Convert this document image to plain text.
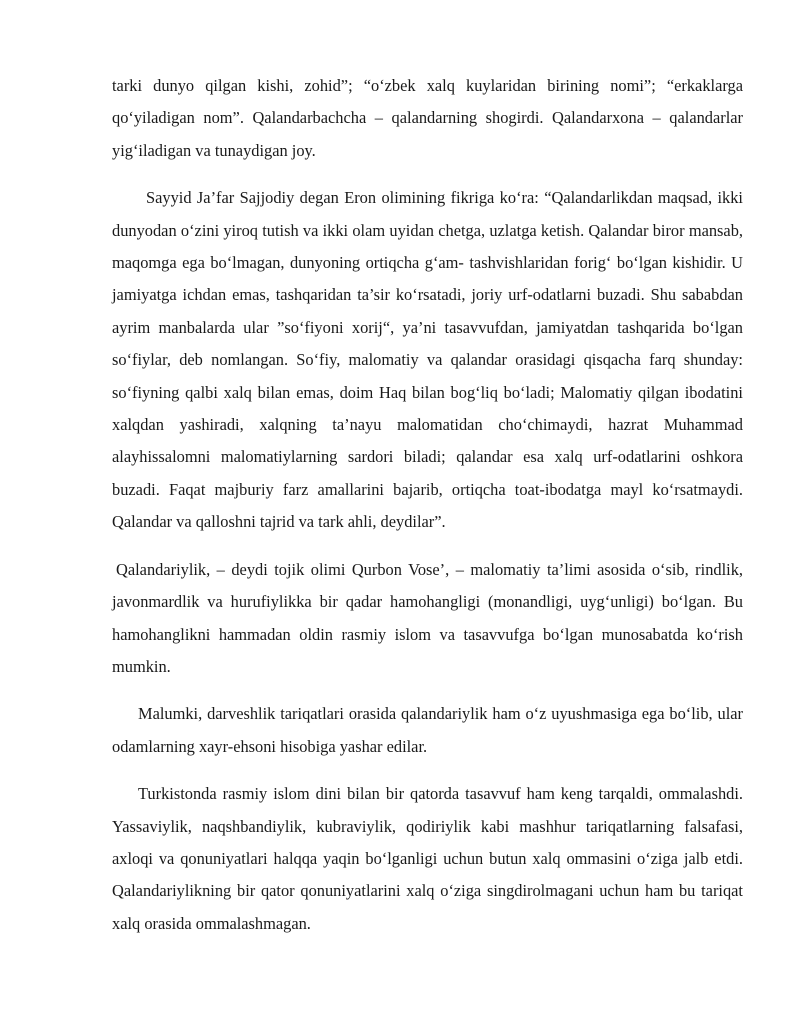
tarki dunyo qilgan kishi, zohid”; “o‘zbek xalq kuylaridan birining nomi”; “erkaklarga qo‘yiladigan nom”. Qalandarbachcha – qalandarning shogirdi. Qalandarxona – qalandarlar yig‘iladigan va tunaydigan joy.

Sayyid Ja’far Sajjodiy degan Eron olimining fikriga ko‘ra: “Qalandarlikdan maqsad, ikki dunyodan o‘zini yiroq tutish va ikki olam uyidan chetga, uzlatga ketish. Qalandar biror mansab, maqomga ega bo‘lmagan, dunyoning ortiqcha g‘am- tashvishlaridan forig‘ bo‘lgan kishidir. U jamiyatga ichdan emas, tashqaridan ta’sir ko‘rsatadi, joriy urf-odatlarni buzadi. Shu sababdan ayrim manbalarda ular ”so‘fiyoni xorij“, ya’ni tasavvufdan, jamiyatdan tashqarida bo‘lgan so‘fiylar, deb nomlangan. So‘fiy, malomatiy va qalandar orasidagi qisqacha farq shunday: so‘fiyning qalbi xalq bilan emas, doim Haq bilan bog‘liq bo‘ladi; Malomatiy qilgan ibodatini xalqdan yashiradi, xalqning ta’nayu malomatidan cho‘chimaydi, hazrat Muhammad alayhissalomni malomatiylarning sardori biladi; qalandar esa xalq urf-odatlarini oshkora buzadi. Faqat majburiy farz amallarini bajarib, ortiqcha toat-ibodatga mayl ko‘rsatmaydi. Qalandar va qalloshni tajrid va tark ahli, deydilar”.

Qalandariylik, – deydi tojik olimi Qurbon Vose’, – malomatiy ta’limi asosida o‘sib, rindlik, javonmardlik va hurufiylikka bir qadar hamohangligi (monandligi, uyg‘unligi) bo‘lgan. Bu hamohanglikni hammadan oldin rasmiy islom va tasavvufga bo‘lgan munosabatda ko‘rish mumkin.

Malumki, darveshlik tariqatlari orasida qalandariylik ham o‘z uyushmasiga ega bo‘lib, ular odamlarning xayr-ehsoni hisobiga yashar edilar.

Turkistonda rasmiy islom dini bilan bir qatorda tasavvuf ham keng tarqaldi, ommalashdi. Yassaviylik, naqshbandiylik, kubraviylik, qodiriylik kabi mashhur tariqatlarning falsafasi, axloqi va qonuniyatlari halqqa yaqin bo‘lganligi uchun butun xalq ommasini o‘ziga jalb etdi. Qalandariylikning bir qator qonuniyatlarini xalq o‘ziga singdirolmagani uchun ham bu tariqat xalq orasida ommalashmagan.
